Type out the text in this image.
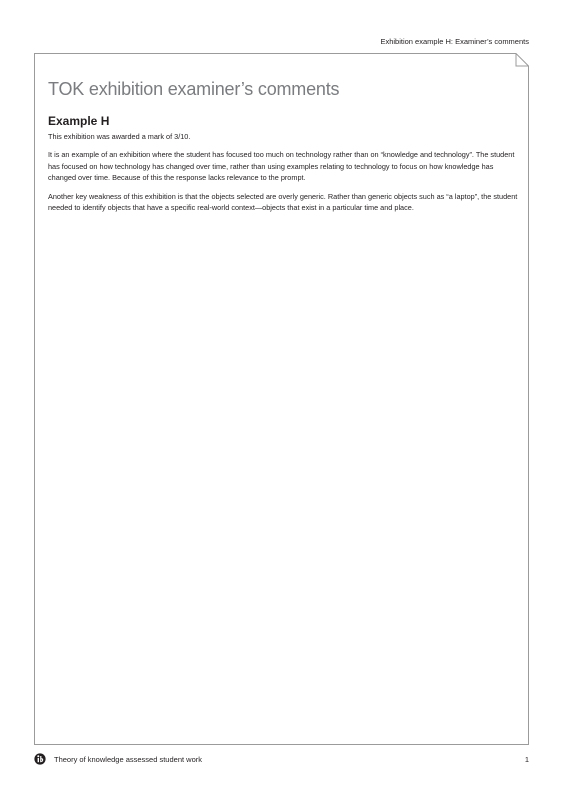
Exhibition example H: Examiner’s comments
TOK exhibition examiner’s comments
Example H

This exhibition was awarded a mark of 3/10.

It is an example of an exhibition where the student has focused too much on technology rather than on “knowledge and technology”. The student has focused on how technology has changed over time, rather than using examples relating to technology to focus on how knowledge has changed over time. Because of this the response lacks relevance to the prompt.

Another key weakness of this exhibition is that the objects selected are overly generic. Rather than generic objects such as “a laptop”, the student needed to identify objects that have a specific real-world context—objects that exist in a particular time and place.

Theory of knowledge assessed student work	1
